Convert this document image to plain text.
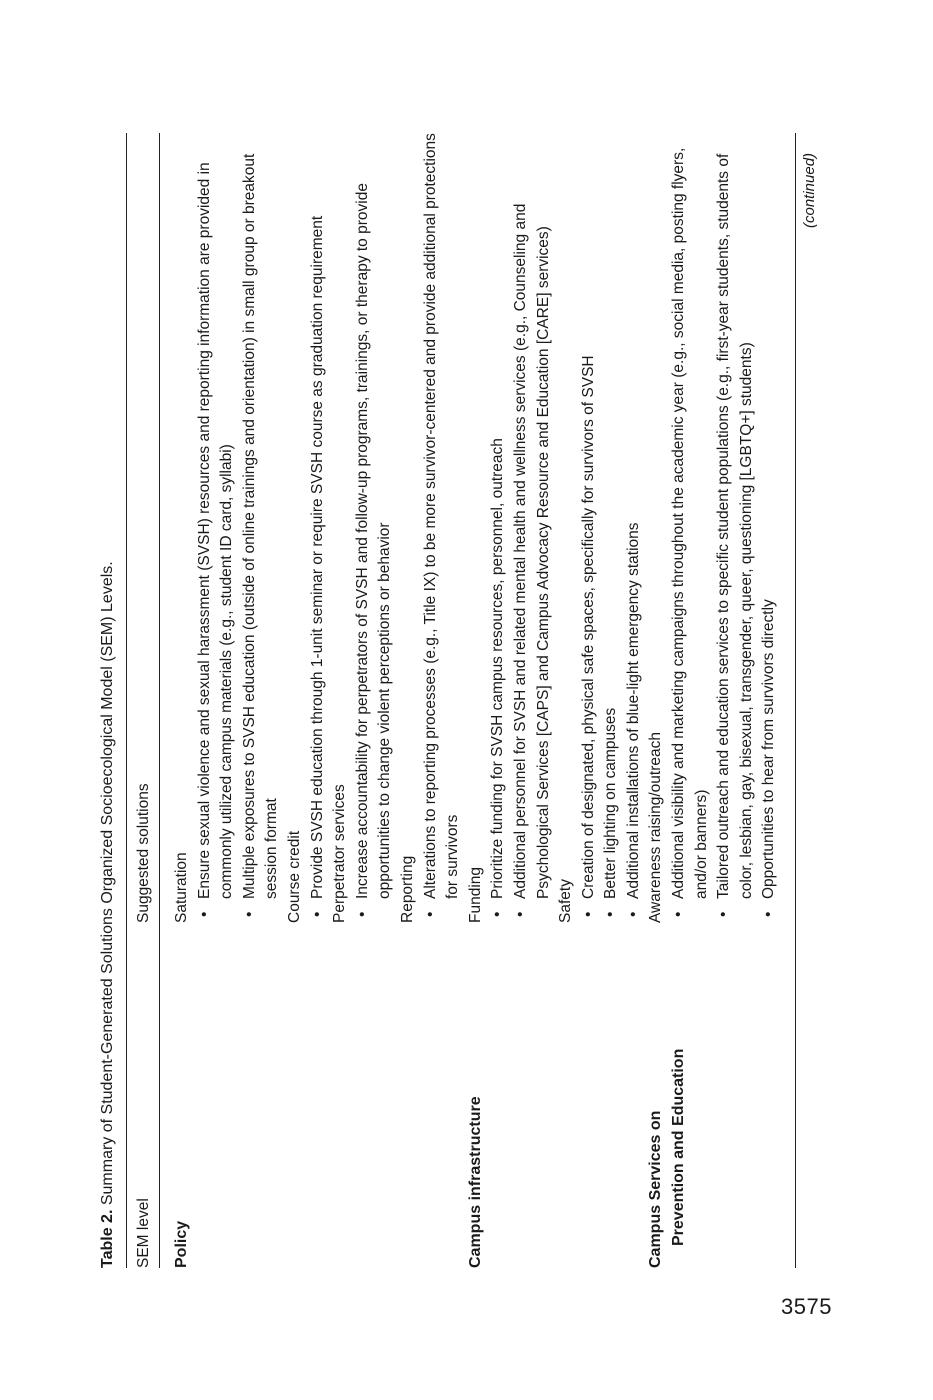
3575
Table 2. Summary of Student-Generated Solutions Organized Socioecological Model (SEM) Levels.
SEM level
Suggested solutions
Policy
Saturation • Ensure sexual violence and sexual harassment (SVSH) resources and reporting information are provided in commonly utilized campus materials (e.g., student ID card, syllabi) • Multiple exposures to SVSH education (outside of online trainings and orientation) in small group or breakout session format Course credit • Provide SVSH education through 1-unit seminar or require SVSH course as graduation requirement Perpetrator services • Increase accountability for perpetrators of SVSH and follow-up programs, trainings, or therapy to provide opportunities to change violent perceptions or behavior Reporting • Alterations to reporting processes (e.g., Title IX) to be more survivor-centered and provide additional protections for survivors
Campus infrastructure
Funding • Prioritize funding for SVSH campus resources, personnel, outreach • Additional personnel for SVSH and related mental health and wellness services (e.g., Counseling and Psychological Services [CAPS] and Campus Advocacy Resource and Education [CARE] services)
Safety
• Creation of designated, physical safe spaces, specifically for survivors of SVSH • Better lighting on campuses • Additional installations of blue-light emergency stations
Campus Services on Prevention and Education
Awareness raising/outreach • Additional visibility and marketing campaigns throughout the academic year (e.g., social media, posting flyers, and/or banners) • Tailored outreach and education services to specific student populations (e.g., first-year students, students of color, lesbian, gay, bisexual, transgender, queer, questioning [LGBTQ+] students) • Opportunities to hear from survivors directly
(continued)
